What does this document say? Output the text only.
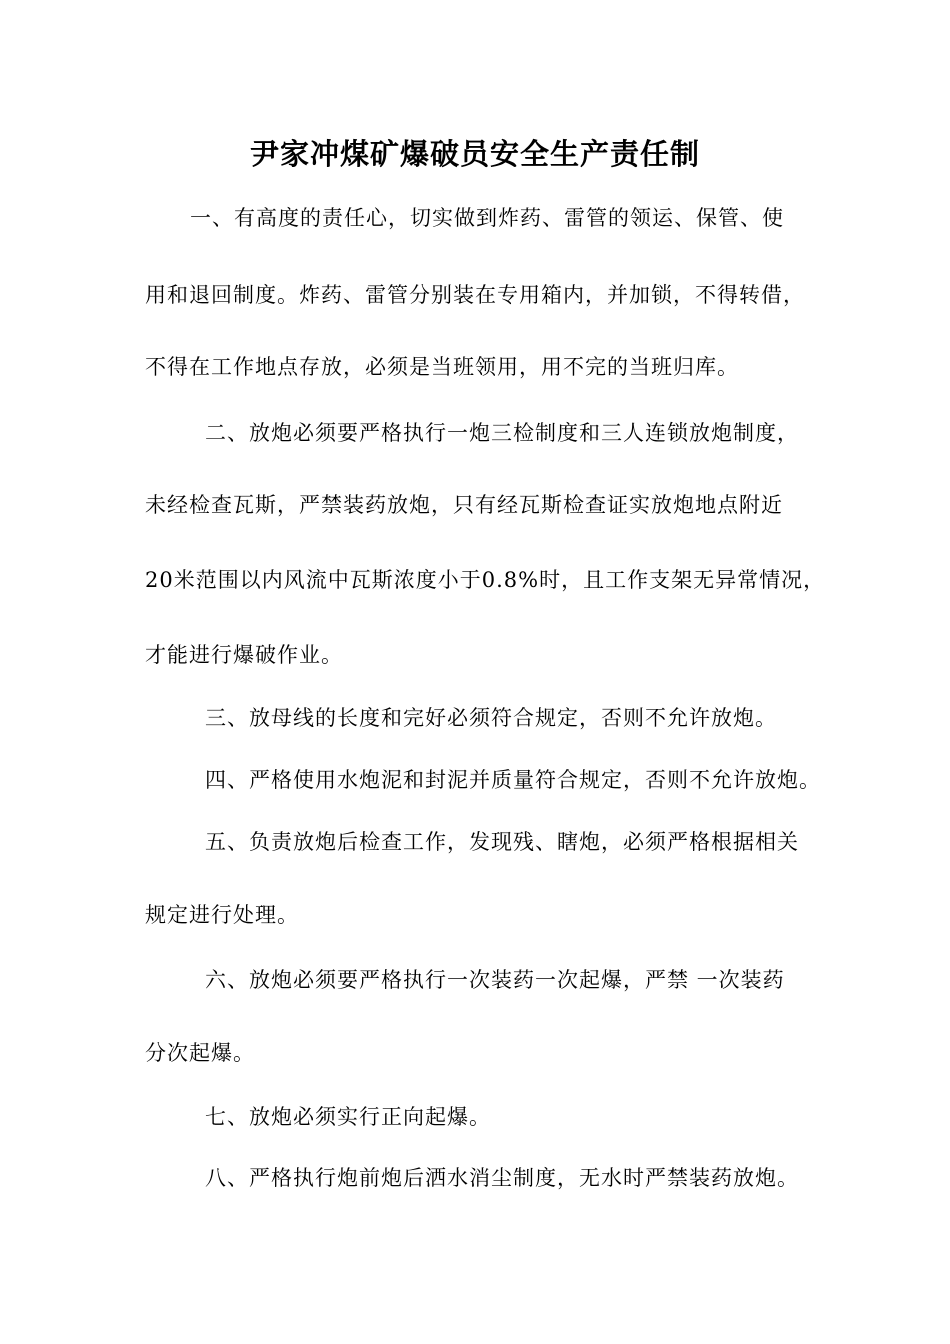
尹家冲煤矿爆破员安全生产责任制
一、有高度的责任心，切实做到炸药、雷管的领运、保管、使
用和退回制度。炸药、雷管分别装在专用箱内，并加锁，不得转借，
不得在工作地点存放，必须是当班领用，用不完的当班归库。
二、放炮必须要严格执行一炮三检制度和三人连锁放炮制度，
未经检查瓦斯，严禁装药放炮，只有经瓦斯检查证实放炮地点附近
20米范围以内风流中瓦斯浓度小于0.8%时，且工作支架无异常情况，
才能进行爆破作业。
三、放母线的长度和完好必须符合规定，否则不允许放炮。
四、严格使用水炮泥和封泥并质量符合规定，否则不允许放炮。
五、负责放炮后检查工作，发现残、瞎炮，必须严格根据相关
规定进行处理。
六、放炮必须要严格执行一次装药一次起爆，严禁 一次装药
分次起爆。
七、放炮必须实行正向起爆。
八、严格执行炮前炮后洒水消尘制度，无水时严禁装药放炮。
